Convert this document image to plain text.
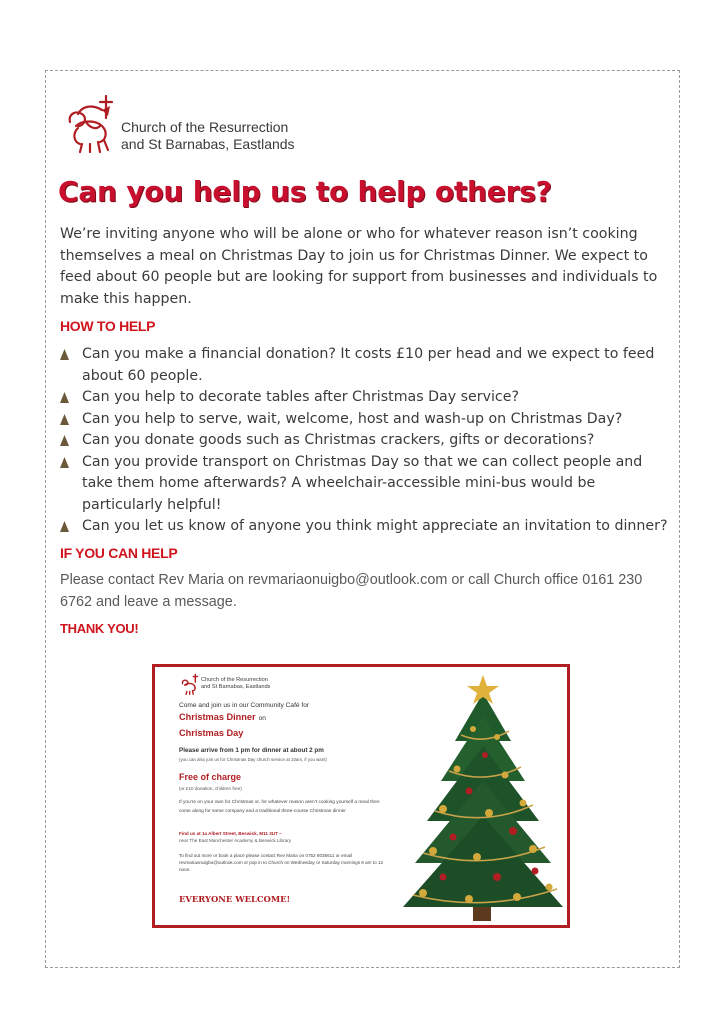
Church of the Resurrection
and St Barnabas, Eastlands
Can you help us to help others?

We’re inviting anyone who will be alone or who for whatever reason isn’t cooking themselves a meal on Christmas Day to join us for Christmas Dinner. We expect to feed about 60 people but are looking for support from businesses and individuals to make this happen.

HOW TO HELP
Can you make a financial donation? It costs £10 per head and we expect to feed about 60 people.
Can you help to decorate tables after Christmas Day service?
Can you help to serve, wait, welcome, host and wash-up on Christmas Day?
Can you donate goods such as Christmas crackers, gifts or decorations?
Can you provide transport on Christmas Day so that we can collect people and take them home afterwards? A wheelchair-accessible mini-bus would be particularly helpful!
Can you let us know of anyone you think might appreciate an invitation to dinner?
IF YOU CAN HELP

Please contact Rev Maria on revmariaonuigbo@outlook.com or call Church office 0161 230 6762 and leave a message.

THANK YOU!
Church of the Resurrection
and St Barnabas, Eastlands
Come and join us in our Community Café for
Christmas Dinner on
Christmas Day
Please arrive from 1 pm for dinner at about 2 pm
(you can also join us for Christmas Day church service at 10am, if you want)
Free of charge
(or £10 donation, children free)
If you’re on your own for Christmas or, for whatever reason aren’t cooking yourself a meal then come along for some company and a traditional three-course Christmas dinner
Find us at 1a Albert Street, Beswick, M11 3UT –
near The East Manchester Academy & Beswick Library
To find out more or book a place please contact Rev Maria on 0752 6035611 or email revmariaonuigbo@outlook.com or pop in to Church on Wednesday or Saturday mornings 9 am to 12 noon.
EVERYONE WELCOME!
